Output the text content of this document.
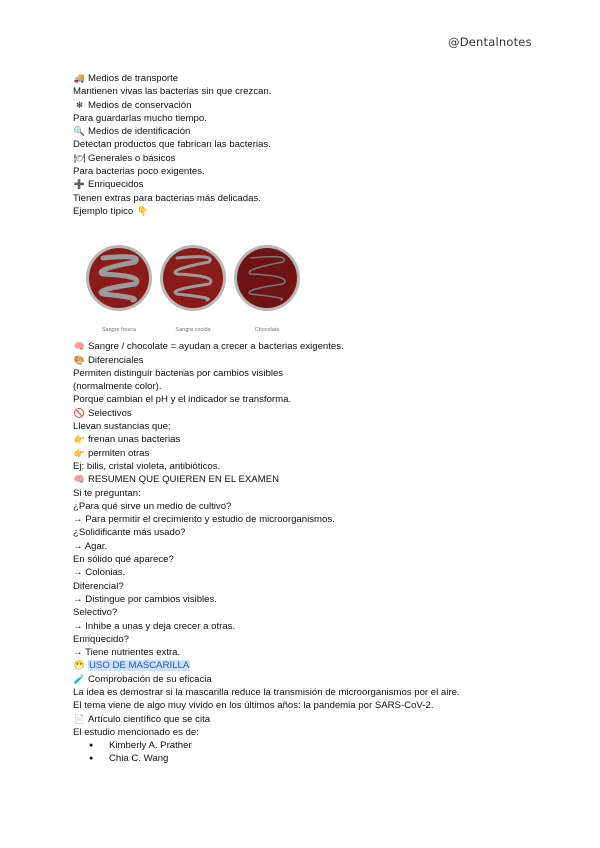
@Dentalnotes
🚚 Medios de transporte
Mantienen vivas las bacterias sin que crezcan.
❄ Medios de conservación
Para guardarlas mucho tiempo.
🔍 Medios de identificación
Detectan productos que fabrican las bacterias.
🍽 Generales o básicos
Para bacterias poco exigentes.
➕ Enriquecidos
Tienen extras para bacterias más delicadas.
Ejemplo típico 👇
Sangre fresca	Sangre cocida	Chocolate
🧠 Sangre / chocolate = ayudan a crecer a bacterias exigentes.
🎨 Diferenciales
Permiten distinguir bacterias por cambios visibles
(normalmente color).
Porque cambian el pH y el indicador se transforma.
🚫 Selectivos
Llevan sustancias que:
👉 frenan unas bacterias
👉 permiten otras
Ej: bilis, cristal violeta, antibióticos.
🧠 RESUMEN QUE QUIEREN EN EL EXAMEN
Si te preguntan:
¿Para qué sirve un medio de cultivo?
→ Para permitir el crecimiento y estudio de microorganismos.
¿Solidificante más usado?
→ Agar.
En sólido qué aparece?
→ Colonias.
Diferencial?
→ Distingue por cambios visibles.
Selectivo?
→ Inhibe a unas y deja crecer a otras.
Enriquecido?
→ Tiene nutrientes extra.
😷 USO DE MASCARILLA
🧪 Comprobación de su eficacia
La idea es demostrar si la mascarilla reduce la transmisión de microorganismos por el aire.
El tema viene de algo muy vivido en los últimos años: la pandemia por SARS-CoV-2.
📄 Artículo científico que se cita
El estudio mencionado es de:
● Kimberly A. Prather
● Chia C. Wang
